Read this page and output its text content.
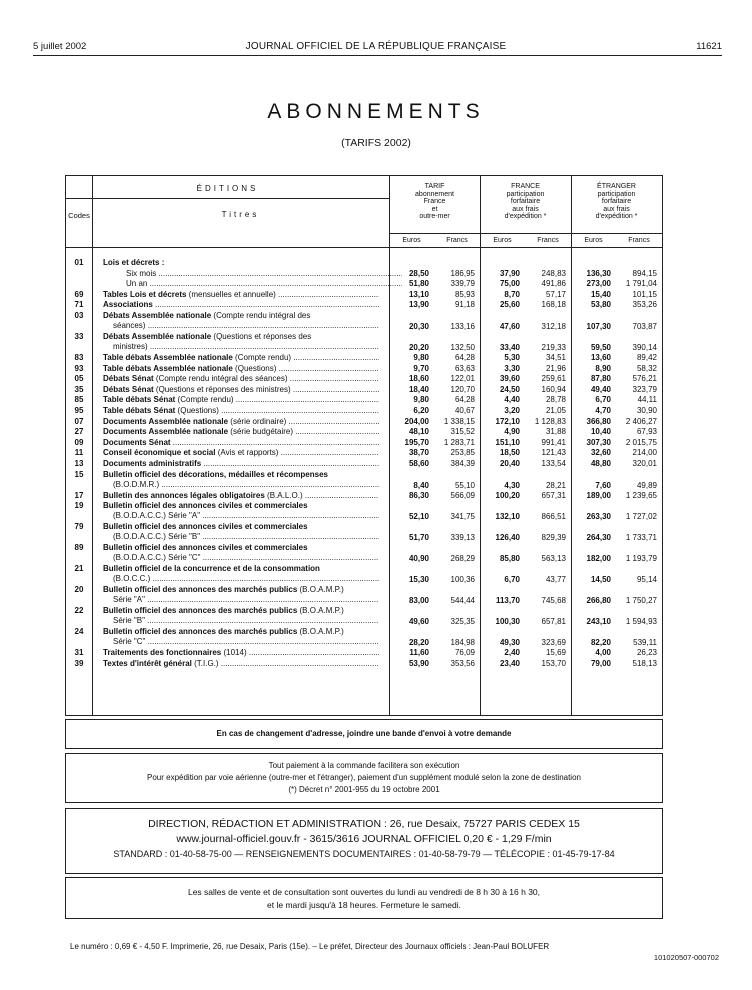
5 juillet 2002	JOURNAL OFFICIEL DE LA RÉPUBLIQUE FRANÇAISE	11621
ABONNEMENTS
(TARIFS 2002)
ÉDITIONS
Codes	Titres
TARIF
abonnement
France
et
outre-mer
FRANCE
participation
forfaitaire
aux frais
d'expédition *
ÉTRANGER
participation
forfaitaire
aux frais
d'expédition *
Euros	Francs	Euros	Francs	Euros	Francs
01	Lois et décrets :
Six mois .....	28,50	186,95	37,90	248,83	136,30	894,15
Un an .....	51,80	339,79	75,00	491,86	273,00	1 791,04
69	Tables Lois et décrets (mensuelles et annuelle) .....	13,10	85,93	8,70	57,17	15,40	101,15
71	Associations .....	13,90	91,18	25,60	168,18	53,80	353,26
03	Débats Assemblée nationale (Compte rendu intégral des
séances) .....	20,30	133,16	47,60	312,18	107,30	703,87
33	Débats Assemblée nationale (Questions et réponses des
ministres) .....	20,20	132,50	33,40	219,33	59,50	390,14
83	Table débats Assemblée nationale (Compte rendu) .....	9,80	64,28	5,30	34,51	13,60	89,42
93	Table débats Assemblée nationale (Questions) .....	9,70	63,63	3,30	21,96	8,90	58,32
05	Débats Sénat (Compte rendu intégral des séances) .....	18,60	122,01	39,60	259,61	87,80	576,21
35	Débats Sénat (Questions et réponses des ministres) .....	18,40	120,70	24,50	160,94	49,40	323,79
85	Table débats Sénat (Compte rendu) .....	9,80	64,28	4,40	28,78	6,70	44,11
95	Table débats Sénat (Questions) .....	6,20	40,67	3,20	21,05	4,70	30,90
07	Documents Assemblée nationale (série ordinaire) .....	204,00	1 338,15	172,10	1 128,83	366,80	2 406,27
27	Documents Assemblée nationale (série budgétaire) .....	48,10	315,52	4,90	31,88	10,40	67,93
09	Documents Sénat .....	195,70	1 283,71	151,10	991,41	307,30	2 015,75
11	Conseil économique et social (Avis et rapports) .....	38,70	253,85	18,50	121,43	32,60	214,00
13	Documents administratifs .....	58,60	384,39	20,40	133,54	48,80	320,01
15	Bulletin officiel des décorations, médailles et récompenses
(B.O.D.M.R.) .....	8,40	55,10	4,30	28,21	7,60	49,89
17	Bulletin des annonces légales obligatoires (B.A.L.O.) .....	86,30	566,09	100,20	657,31	189,00	1 239,65
19	Bulletin officiel des annonces civiles et commerciales
(B.O.D.A.C.C.) Série "A" .....	52,10	341,75	132,10	866,51	263,30	1 727,02
79	Bulletin officiel des annonces civiles et commerciales
(B.O.D.A.C.C.) Série "B" .....	51,70	339,13	126,40	829,39	264,30	1 733,71
89	Bulletin officiel des annonces civiles et commerciales
(B.O.D.A.C.C.) Série "C" .....	40,90	268,29	85,80	563,13	182,00	1 193,79
21	Bulletin officiel de la concurrence et de la consommation
(B.O.C.C.) .....	15,30	100,36	6,70	43,77	14,50	95,14
20	Bulletin officiel des annonces des marchés publics (B.O.A.M.P.)
Série "A" .....	83,00	544,44	113,70	745,68	266,80	1 750,27
22	Bulletin officiel des annonces des marchés publics (B.O.A.M.P.)
Série "B" .....	49,60	325,35	100,30	657,81	243,10	1 594,93
24	Bulletin officiel des annonces des marchés publics (B.O.A.M.P.)
Série "C" .....	28,20	184,98	49,30	323,69	82,20	539,11
31	Traitements des fonctionnaires (1014) .....	11,60	76,09	2,40	15,69	4,00	26,23
39	Textes d'intérêt général (T.I.G.) .....	53,90	353,56	23,40	153,70	79,00	518,13
En cas de changement d'adresse, joindre une bande d'envoi à votre demande
Tout paiement à la commande facilitera son exécution
Pour expédition par voie aérienne (outre-mer et l'étranger), paiement d'un supplément modulé selon la zone de destination
(*) Décret n° 2001-955 du 19 octobre 2001
DIRECTION, RÉDACTION ET ADMINISTRATION : 26, rue Desaix, 75727 PARIS CEDEX 15
www.journal-officiel.gouv.fr - 3615/3616 JOURNAL OFFICIEL 0,20 € - 1,29 F/min
STANDARD : 01-40-58-75-00 — RENSEIGNEMENTS DOCUMENTAIRES : 01-40-58-79-79 — TÉLÉCOPIE : 01-45-79-17-84
Les salles de vente et de consultation sont ouvertes du lundi au vendredi de 8 h 30 à 16 h 30,
et le mardi jusqu'à 18 heures. Fermeture le samedi.
Le numéro : 0,69 € - 4,50 F. Imprimerie, 26, rue Desaix, Paris (15e). – Le préfet, Directeur des Journaux officiels : Jean-Paul BOLUFER
101020507-000702
